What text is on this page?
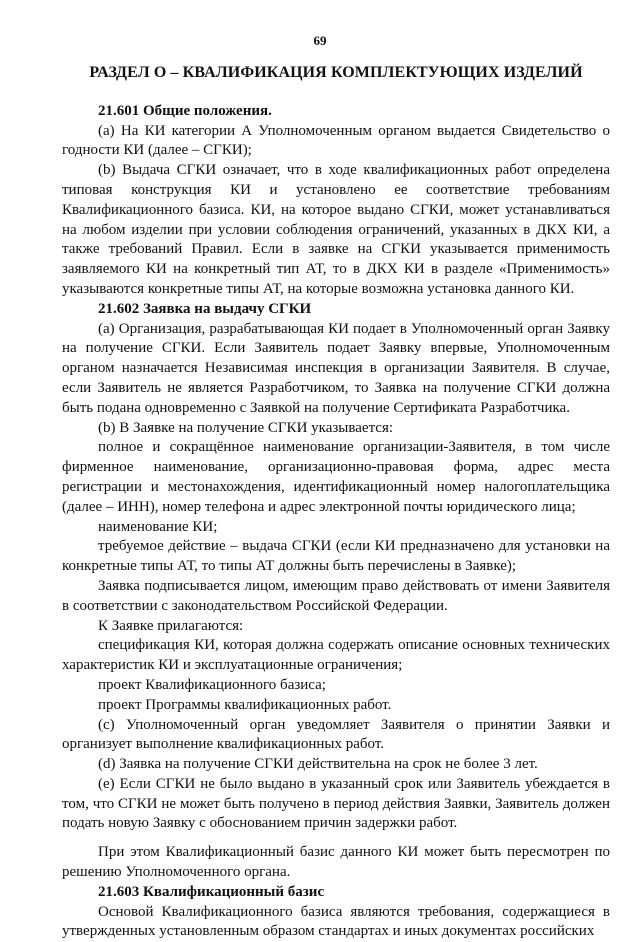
69
РАЗДЕЛ О – КВАЛИФИКАЦИЯ КОМПЛЕКТУЮЩИХ ИЗДЕЛИЙ

21.601 Общие положения.

(a) На КИ категории А Уполномоченным органом выдается Свидетельство о годности КИ (далее – СГКИ);

(b) Выдача СГКИ означает, что в ходе квалификационных работ определена типовая конструкция КИ и установлено ее соответствие требованиям Квалификационного базиса. КИ, на которое выдано СГКИ, может устанавливаться на любом изделии при условии соблюдения ограничений, указанных в ДКХ КИ, а также требований Правил. Если в заявке на СГКИ указывается применимость заявляемого КИ на конкретный тип АТ, то в ДКХ КИ в разделе «Применимость» указываются конкретные типы АТ, на которые возможна установка данного КИ.

21.602 Заявка на выдачу СГКИ

(a) Организация, разрабатывающая КИ подает в Уполномоченный орган Заявку на получение СГКИ. Если Заявитель подает Заявку впервые, Уполномоченным органом назначается Независимая инспекция в организации Заявителя. В случае, если Заявитель не является Разработчиком, то Заявка на получение СГКИ должна быть подана одновременно с Заявкой на получение Сертификата Разработчика.

(b) В Заявке на получение СГКИ указывается:

полное и сокращённое наименование организации-Заявителя, в том числе фирменное наименование, организационно-правовая форма, адрес места регистрации и местонахождения, идентификационный номер налогоплательщика (далее – ИНН), номер телефона и адрес электронной почты юридического лица;

наименование КИ;

требуемое действие – выдача СГКИ (если КИ предназначено для установки на конкретные типы АТ, то типы АТ должны быть перечислены в Заявке);

Заявка подписывается лицом, имеющим право действовать от имени Заявителя в соответствии с законодательством Российской Федерации.

К Заявке прилагаются:

спецификация КИ, которая должна содержать описание основных технических характеристик КИ и эксплуатационные ограничения;

проект Квалификационного базиса;

проект Программы квалификационных работ.

(c) Уполномоченный орган уведомляет Заявителя о принятии Заявки и организует выполнение квалификационных работ.

(d) Заявка на получение СГКИ действительна на срок не более 3 лет.

(e) Если СГКИ не было выдано в указанный срок или Заявитель убеждается в том, что СГКИ не может быть получено в период действия Заявки, Заявитель должен подать новую Заявку с обоснованием причин задержки работ.

При этом Квалификационный базис данного КИ может быть пересмотрен по решению Уполномоченного органа.

21.603 Квалификационный базис

Основой Квалификационного базиса являются требования, содержащиеся в утвержденных установленным образом стандартах и иных документах российских
